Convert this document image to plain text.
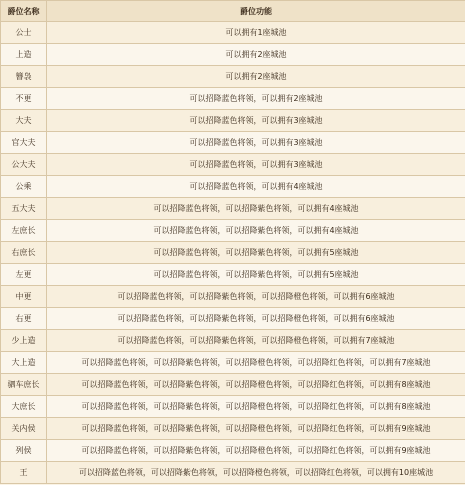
爵位名称	爵位功能
公士	可以拥有1座城池
上造	可以拥有2座城池
簪袅	可以拥有2座城池
不更	可以招降蓝色将领，可以拥有2座城池
大夫	可以招降蓝色将领，可以拥有3座城池
官大夫	可以招降蓝色将领，可以拥有3座城池
公大夫	可以招降蓝色将领，可以拥有3座城池
公乘	可以招降蓝色将领，可以拥有4座城池
五大夫	可以招降蓝色将领，可以招降紫色将领，可以拥有4座城池
左庶长	可以招降蓝色将领，可以招降紫色将领，可以拥有4座城池
右庶长	可以招降蓝色将领，可以招降紫色将领，可以拥有5座城池
左更	可以招降蓝色将领，可以招降紫色将领，可以拥有5座城池
中更	可以招降蓝色将领，可以招降紫色将领，可以招降橙色将领，可以拥有6座城池
右更	可以招降蓝色将领，可以招降紫色将领，可以招降橙色将领，可以拥有6座城池
少上造	可以招降蓝色将领，可以招降紫色将领，可以招降橙色将领，可以拥有7座城池
大上造	可以招降蓝色将领，可以招降紫色将领，可以招降橙色将领，可以招降红色将领，可以拥有7座城池
驷车庶长	可以招降蓝色将领，可以招降紫色将领，可以招降橙色将领，可以招降红色将领，可以拥有8座城池
大庶长	可以招降蓝色将领，可以招降紫色将领，可以招降橙色将领，可以招降红色将领，可以拥有8座城池
关内侯	可以招降蓝色将领，可以招降紫色将领，可以招降橙色将领，可以招降红色将领，可以拥有9座城池
列侯	可以招降蓝色将领，可以招降紫色将领，可以招降橙色将领，可以招降红色将领，可以拥有9座城池
王	可以招降蓝色将领，可以招降紫色将领，可以招降橙色将领，可以招降红色将领，可以拥有10座城池
